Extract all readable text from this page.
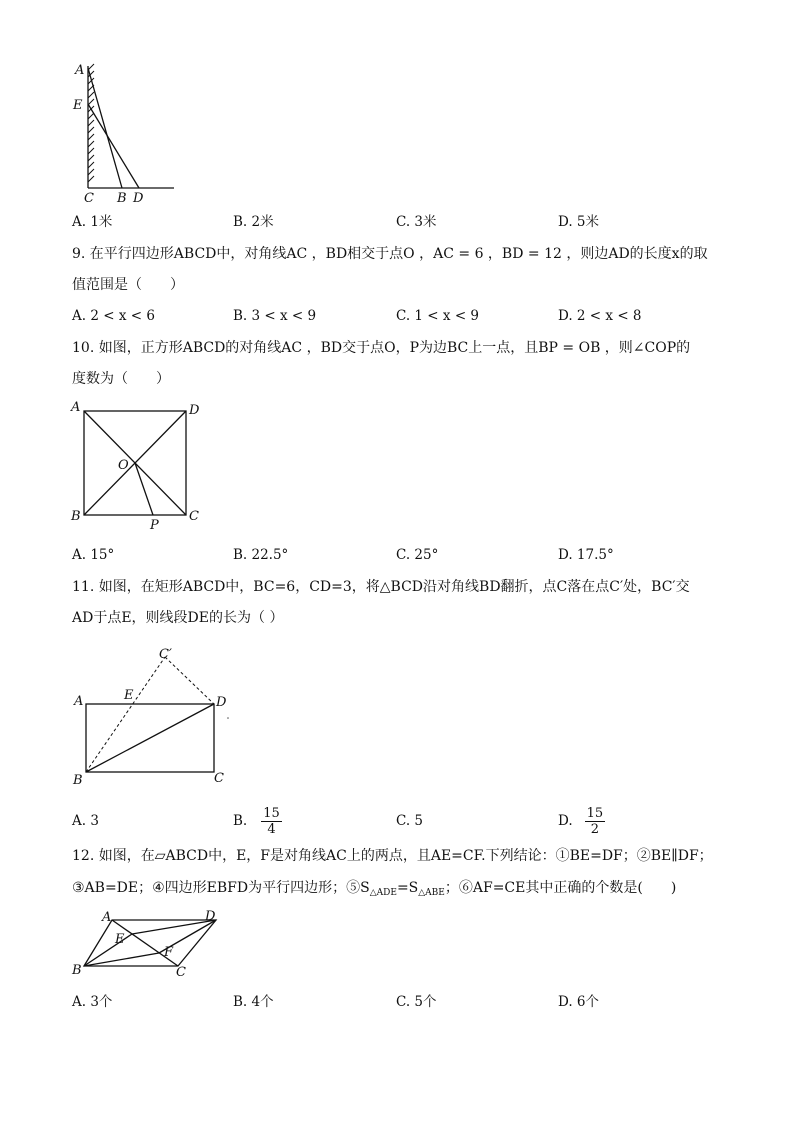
A
E
C B D
A. 1米	B. 2米	C. 3米	D. 5米
9. 在平行四边形ABCD中，对角线AC ，BD相交于点O ，AC = 6 ，BD = 12 ，则边AD的长度x的取
值范围是（　　）
A. 2 < x < 6	B. 3 < x < 9	C. 1 < x < 9	D. 2 < x < 8
10. 如图，正方形ABCD的对角线AC ，BD交于点O，P为边BC上一点，且BP = OB ，则∠COP的
度数为（　　）
A	D
O
B
P
C
A. 15°	B. 22.5°	C. 25°	D. 17.5°
11. 如图，在矩形ABCD中，BC=6，CD=3，将△BCD沿对角线BD翻折，点C落在点C′处，BC′交
AD于点E，则线段DE的长为（ ）
C′
A	E	D
B	C
A. 3	B. $\frac{15}{4}$	C. 5	D. $\frac{15}{2}$
12. 如图，在▱ABCD中，E，F是对角线AC上的两点，且AE=CF.下列结论：①BE=DF；②BE∥DF；
③AB=DE；④四边形EBFD为平行四边形；$⑤S_{\triangle ADE}=S_{\triangle ABE}$；⑥AF=CE其中正确的个数是(　　)
A	D
E
F
B	C
A. 3个	B. 4个	C. 5个	D. 6个
